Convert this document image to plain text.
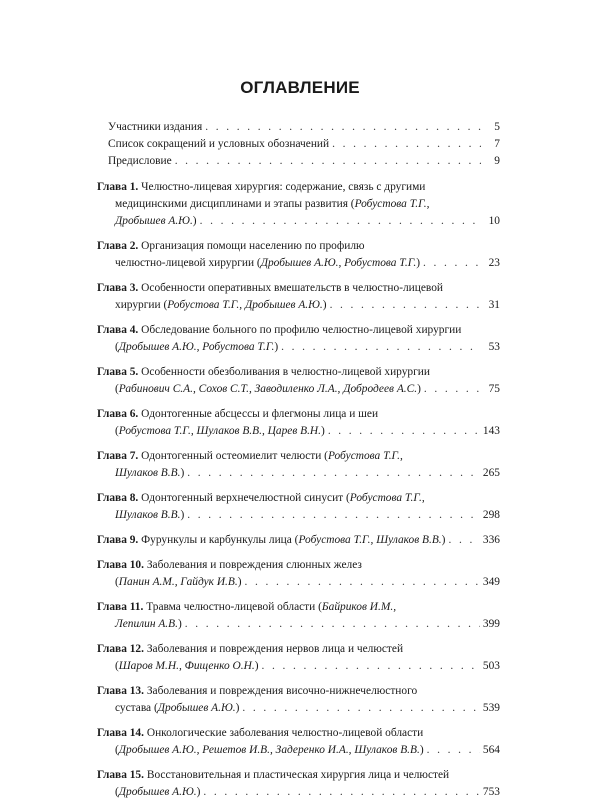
ОГЛАВЛЕНИЕ
Участники издания . . .	5
Список сокращений и условных обозначений . . .	7
Предисловие . . .	9
Глава 1. Челюстно-лицевая хирургия: содержание, связь с другими
медицинскими дисциплинами и этапы развития (Робустова Т.Г.,
Дробышев А.Ю.) . . .	10
Глава 2. Организация помощи населению по профилю
челюстно-лицевой хирургии (Дробышев А.Ю., Робустова Т.Г.) . . .	23
Глава 3. Особенности оперативных вмешательств в челюстно-лицевой
хирургии (Робустова Т.Г., Дробышев А.Ю.) . . .	31
Глава 4. Обследование больного по профилю челюстно-лицевой хирургии
(Дробышев А.Ю., Робустова Т.Г.) . . .	53
Глава 5. Особенности обезболивания в челюстно-лицевой хирургии
(Рабинович С.А., Сохов С.Т., Заводиленко Л.А., Добродеев А.С.) . . .	75
Глава 6. Одонтогенные абсцессы и флегмоны лица и шеи
(Робустова Т.Г., Шулаков В.В., Царев В.Н.) . . .	143
Глава 7. Одонтогенный остеомиелит челюсти (Робустова Т.Г.,
Шулаков В.В.) . . .	265
Глава 8. Одонтогенный верхнечелюстной синусит (Робустова Т.Г.,
Шулаков В.В.) . . .	298
Глава 9. Фурункулы и карбункулы лица (Робустова Т.Г., Шулаков В.В.) . . .	336
Глава 10. Заболевания и повреждения слюнных желез
(Панин А.М., Гайдук И.В.) . . .	349
Глава 11. Травма челюстно-лицевой области (Байриков И.М.,
Лепилин А.В.) . . .	399
Глава 12. Заболевания и повреждения нервов лица и челюстей
(Шаров М.Н., Фищенко О.Н.) . . .	503
Глава 13. Заболевания и повреждения височно-нижнечелюстного
сустава (Дробышев А.Ю.) . . .	539
Глава 14. Онкологические заболевания челюстно-лицевой области
(Дробышев А.Ю., Решетов И.В., Задеренко И.А., Шулаков В.В.) . . .	564
Глава 15. Восстановительная и пластическая хирургия лица и челюстей
(Дробышев А.Ю.) . . .	753
